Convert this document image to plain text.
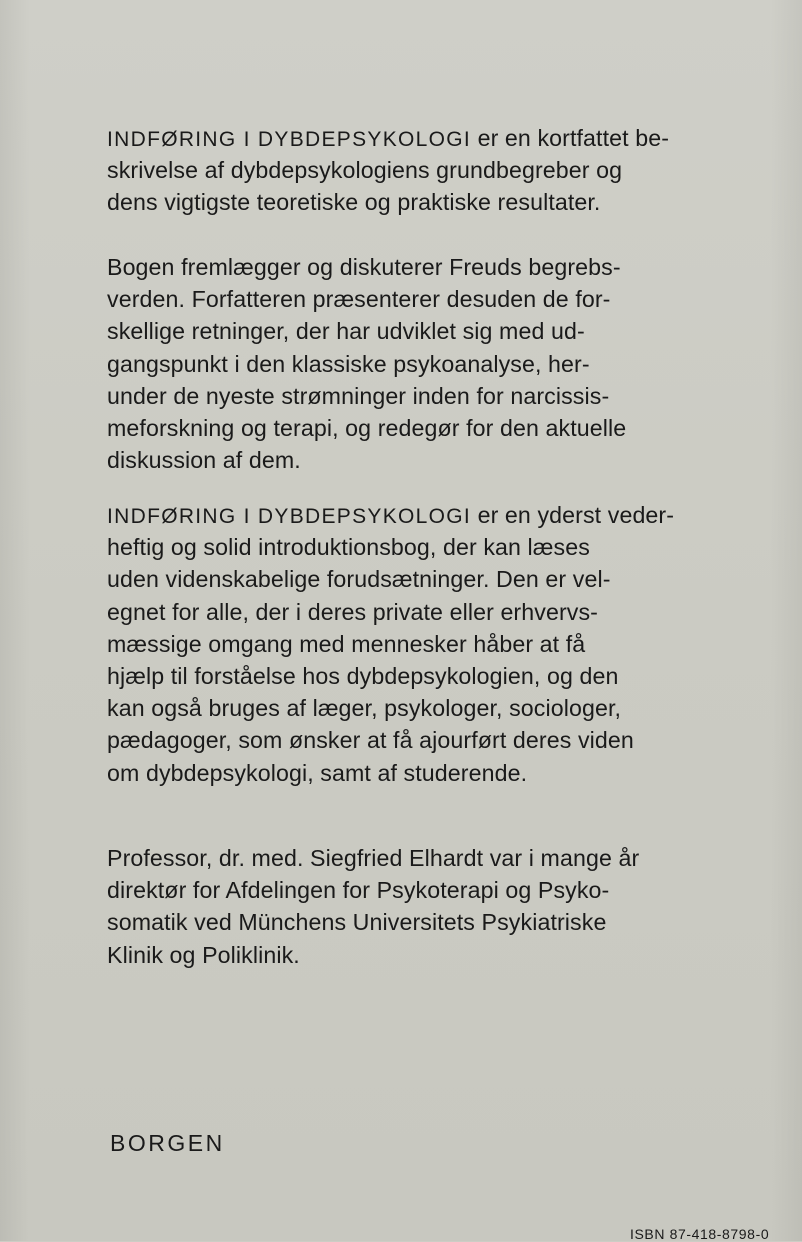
INDFØRING I DYBDEPSYKOLOGI er en kortfattet be-
skrivelse af dybdepsykologiens grundbegreber og
dens vigtigste teoretiske og praktiske resultater.
Bogen fremlægger og diskuterer Freuds begrebs-
verden. Forfatteren præsenterer desuden de for-
skellige retninger, der har udviklet sig med ud-
gangspunkt i den klassiske psykoanalyse, her-
under de nyeste strømninger inden for narcissis-
meforskning og terapi, og redegør for den aktuelle
diskussion af dem.
INDFØRING I DYBDEPSYKOLOGI er en yderst veder-
heftig og solid introduktionsbog, der kan læses
uden videnskabelige forudsætninger. Den er vel-
egnet for alle, der i deres private eller erhvervs-
mæssige omgang med mennesker håber at få
hjælp til forståelse hos dybdepsykologien, og den
kan også bruges af læger, psykologer, sociologer,
pædagoger, som ønsker at få ajourført deres viden
om dybdepsykologi, samt af studerende.
Professor, dr. med. Siegfried Elhardt var i mange år
direktør for Afdelingen for Psykoterapi og Psyko-
somatik ved Münchens Universitets Psykiatriske
Klinik og Poliklinik.

BORGEN

ISBN 87-418-8798-0
